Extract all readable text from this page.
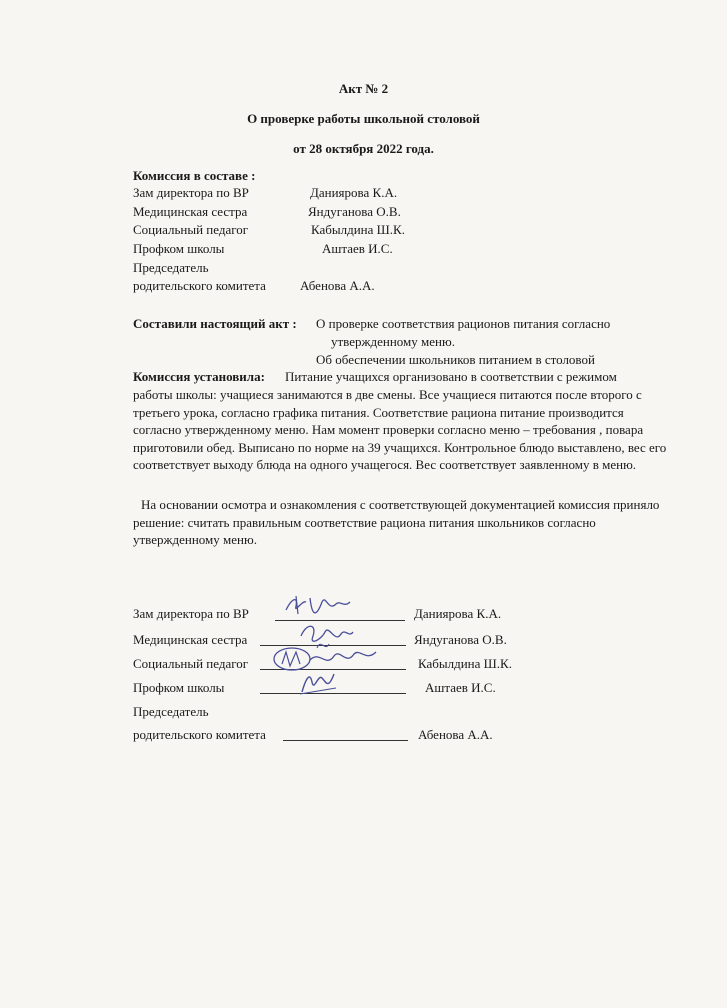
Акт № 2
О проверке работы школьной столовой
от 28 октября 2022 года.
Комиссия в составе :
Зам директора по ВР	Даниярова К.А.
Медицинская сестра	Яндуганова О.В.
Социальный педагог	Кабылдина Ш.К.
Профком школы	Аштаев И.С.
Председатель
родительского комитета	Абенова А.А.
Составили настоящий акт : О проверке соответствия рационов питания согласно
утвержденному меню.
Об обеспечении школьников питанием в столовой
Комиссия установила: Питание учащихся организовано в соответствии с режимом

работы школы: учащиеся занимаются в две смены. Все учащиеся питаются после второго с третьего урока, согласно графика питания. Соответствие рациона питание производится согласно утвержденному меню. Нам момент проверки согласно меню – требования , повара приготовили обед. Выписано по норме на 39 учащихся. Контрольное блюдо выставлено, вес его соответствует выходу блюда на одного учащегося. Вес соответствует заявленному в меню.

На основании осмотра и ознакомления с соответствующей документацией комиссия приняло решение: считать правильным соответствие рациона питания школьников согласно утвержденному меню.

Зам директора по ВР	Даниярова К.А.
Медицинская сестра	Яндуганова О.В.
Социальный педагог	Кабылдина Ш.К.
Профком школы	Аштаев И.С.
Председатель
родительского комитета	Абенова А.А.
